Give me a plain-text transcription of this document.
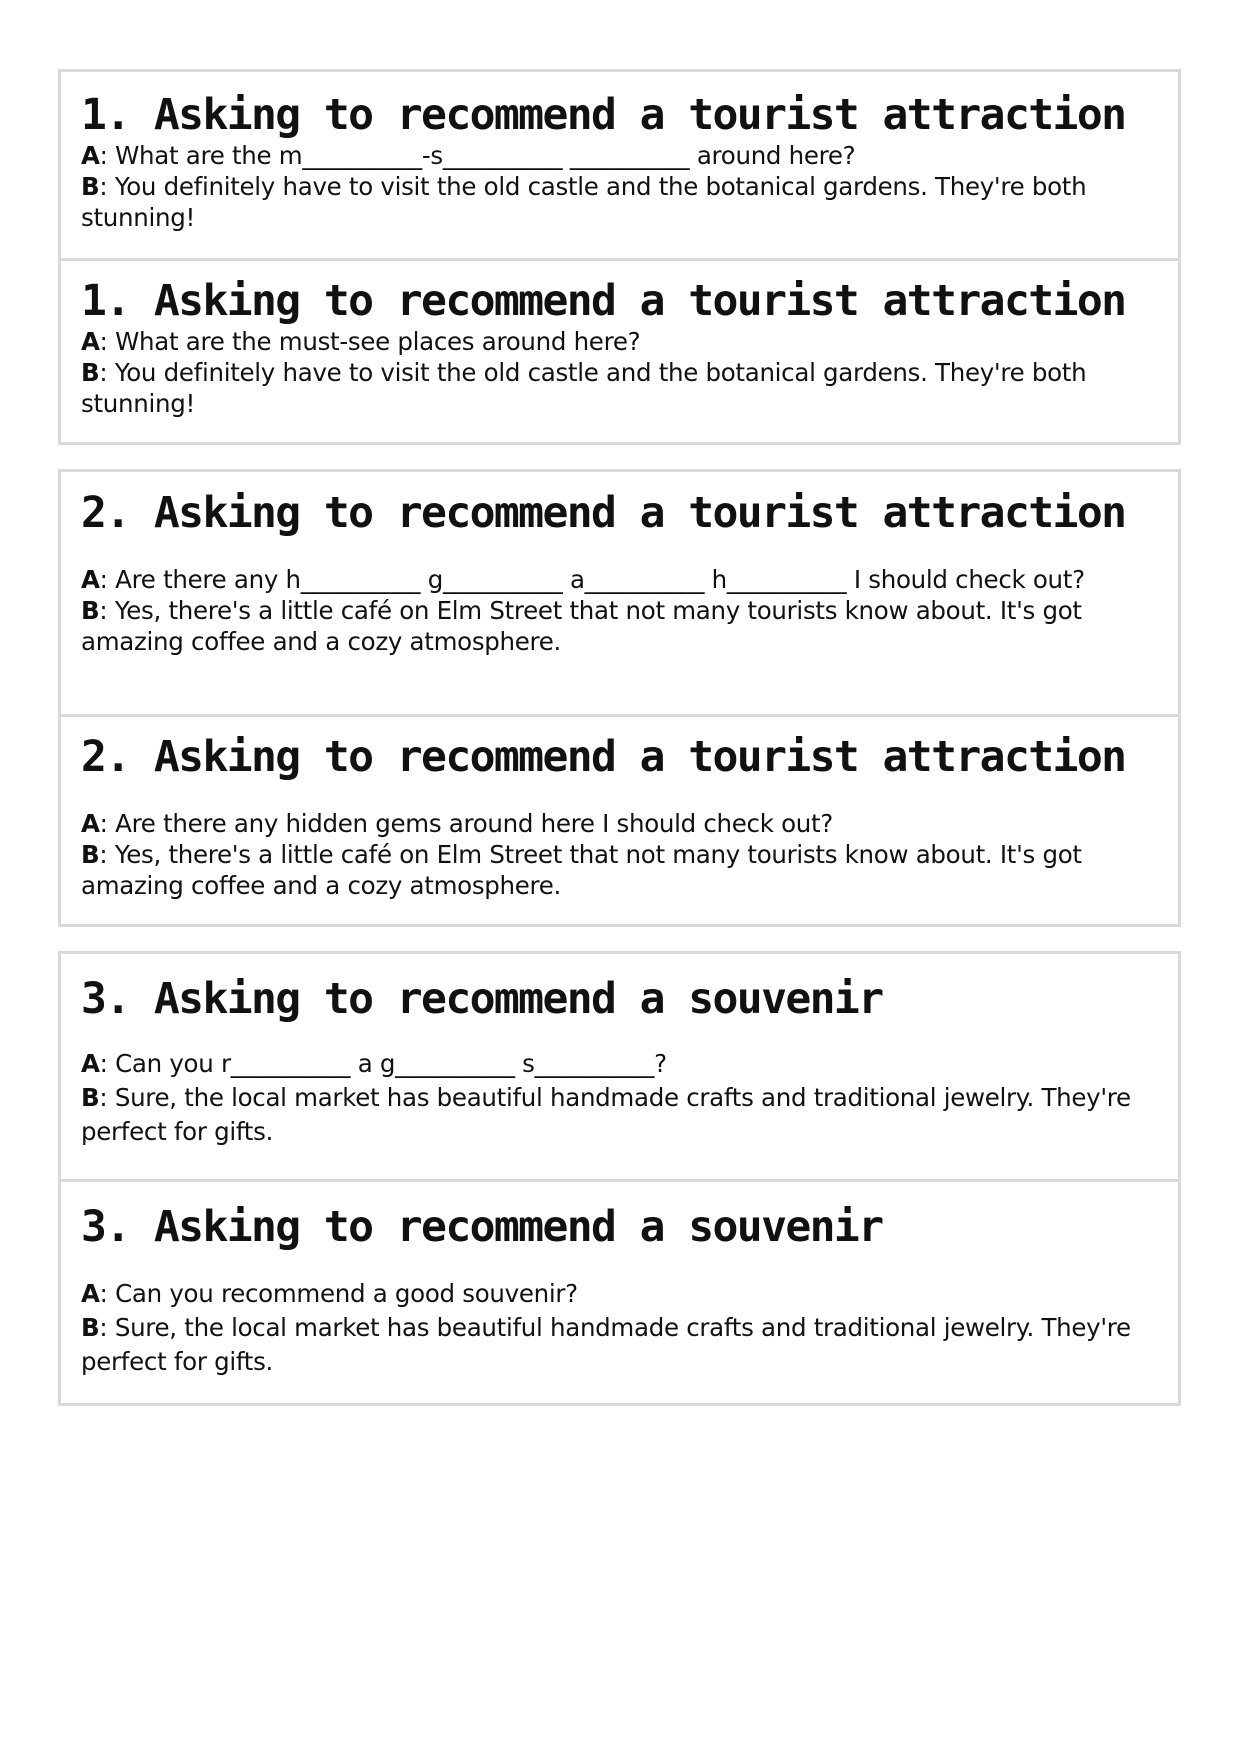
1. Asking to recommend a tourist attraction
A: What are the m__________-s__________ __________ around here?
B: You definitely have to visit the old castle and the botanical gardens. They're both stunning!
1. Asking to recommend a tourist attraction
A: What are the must-see places around here?
B: You definitely have to visit the old castle and the botanical gardens. They're both stunning!
2. Asking to recommend a tourist attraction
A: Are there any h__________ g__________ a__________ h__________ I should check out?
B: Yes, there's a little café on Elm Street that not many tourists know about. It's got amazing coffee and a cozy atmosphere.
2. Asking to recommend a tourist attraction
A: Are there any hidden gems around here I should check out?
B: Yes, there's a little café on Elm Street that not many tourists know about. It's got amazing coffee and a cozy atmosphere.
3. Asking to recommend a souvenir
A: Can you r__________ a g__________ s__________?
B: Sure, the local market has beautiful handmade crafts and traditional jewelry. They're perfect for gifts.
3. Asking to recommend a souvenir
A: Can you recommend a good souvenir?
B: Sure, the local market has beautiful handmade crafts and traditional jewelry. They're perfect for gifts.
